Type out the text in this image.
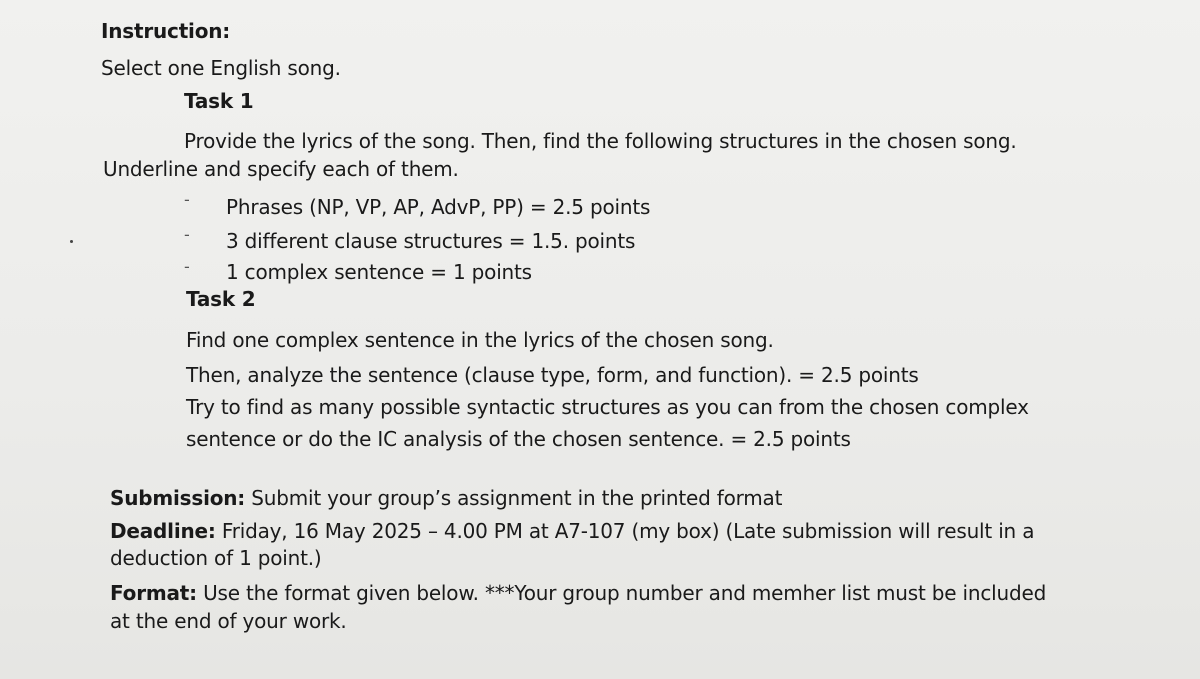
Instruction:
Select one English song.
Task 1
Provide the lyrics of the song. Then, find the following structures in the chosen song.
Underline and specify each of them.
- Phrases (NP, VP, AP, AdvP, PP) = 2.5 points
- 3 different clause structures = 1.5. points
- 1 complex sentence = 1 points
Task 2
Find one complex sentence in the lyrics of the chosen song.
Then, analyze the sentence (clause type, form, and function). = 2.5 points
Try to find as many possible syntactic structures as you can from the chosen complex
sentence or do the IC analysis of the chosen sentence. = 2.5 points
Submission: Submit your group’s assignment in the printed format
Deadline: Friday, 16 May 2025 – 4.00 PM at A7-107 (my box) (Late submission will result in a
deduction of 1 point.)
Format: Use the format given below. ***Your group number and memher list must be included
at the end of your work.
